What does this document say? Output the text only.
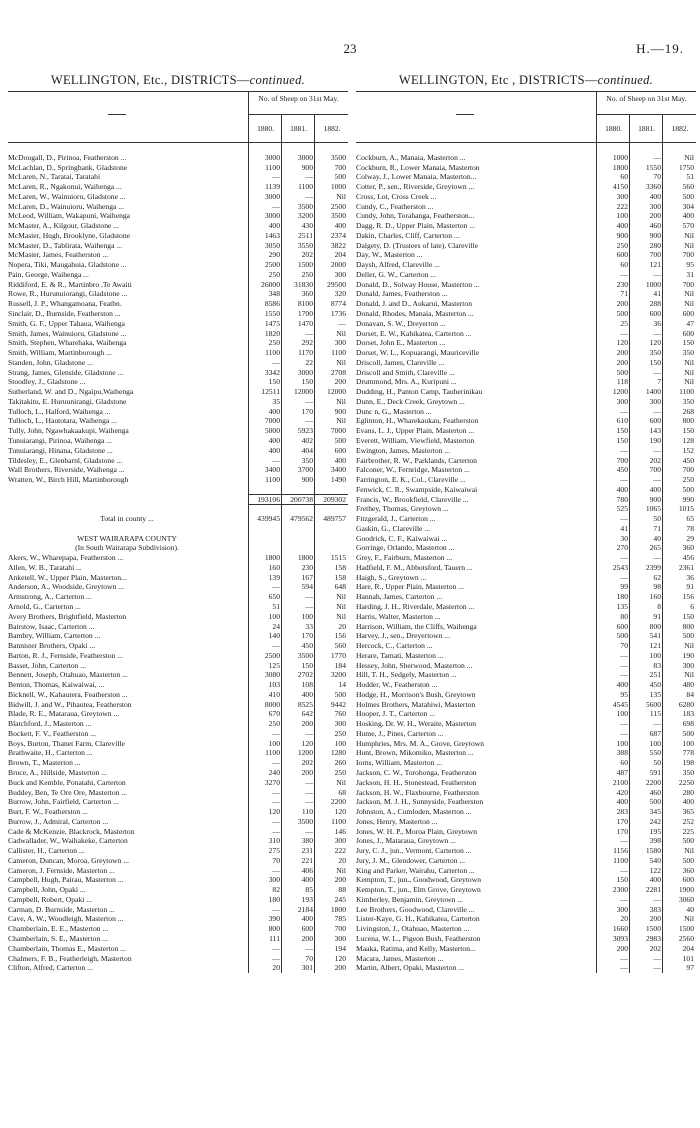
23	H.—19.
WELLINGTON, Etc., DISTRICTS—continued.
No. of Sheep on 31st May.
1880.	1881.	1882.
McDougall, D., Pirinoa, Featherston ...	3000	3000	3500
McLachlan, D., Springbank, Gladstone	1100	900	700
McLaren, N., Taratai, Taratahi	—	—	500
McLaren, R., Ngakonui, Waihenga ...	1139	1100	1000
McLaren, W., Wainuioru, Gladstone ...	3000	—	Nil
McLaren, D., Wainuioru, Waihenga ...	—	3500	2500
McLeod, William, Wakapuni, Waihenga	3000	3200	3500
McMaster, A., Kilgour, Gladstone ...	400	430	400
McMaster, Hugh, Brooklyne, Gladstone	1463	2511	2374
McMaster, D., Tablirata, Waihenga ...	3050	3550	3822
McMaster, James, Featherston ...	290	202	204
Nopera, Tiki, Maugahuia, Gladstone ...	2500	1500	2000
Pain, George, Waihenga ...	250	250	300
Riddiford, E. & R., Martinbro ,Te Awaiti	26000	31830	29500
Rowe, R., Hurunuiorangi, Gladstone ...	348	360	320
Russell, J. P., Whangamoana, Featbn.	8586	8100	8774
Sinclair, D., Burnside, Featherston ...	1550	1700	1736
Smith, G. F., Upper Tahaua, Waihenga	1475	1470	—
Smith, James, Wainuioru, Gladstone ...	1820	—	Nil
Smith, Stephen, Wharehaka, Waihenga	250	292	300
Smith, William, Martinborough ...	1100	1170	1100
Standen, John, Gladstone ...	—	22	Nil
Strang, James, Glenside, Gladstone ...	3342	3000	2708
Stoodley, J., Gladstone ...	150	150	200
Sutherland, W. and D., Ngaipu,Waihenga	12511	12000	12000
Takitakitu, E. Huruunirangi, Gladstone	35	—	Nil
Tulloch, L., Halford, Waihenga ...	400	170	900
Tulloch, L., Hautotara, Waihenga ...	7000	—	Nil
Tully, John, Ngawhakaakupi, Waihenga	5000	5923	7000
Tunuiarangi, Pirinoa, Waihenga ...	400	402	500
Tunuiarangi, Hinana, Gladstone ...	400	404	600
Tildesley, E., Glenbarnl, Gladstone ...	—	350	400
Wall Brothers, Riverside, Waihenga ...	3400	3700	3400
Wratten, W., Birch Hill, Martinborough	1100	900	1490
193106	200738	209302
Total in county ...	439945	479562	489757
WEST WAIRARAPA COUNTY
(In South Wairarapa Subdivision).
Akers, W., Wharepapa, Featherston ...	1800	1800	1515
Allen, W. B., Taratahi ...	160	230	158
Anketell, W., Upper Plain, Masterton...	139	167	158
Anderson, A., Woodside, Greytown ...	—	594	648
Armstrong, A., Carterton ...	650	—	Nil
Arnold, G., Carterton ...	51	—	Nil
Avery Brothers, Brightfield, Masterton	100	100	Nil
Bairstow, Isaac, Carterton ...	24	33	20
Bambry, William, Carterton ...	140	170	156
Bannister Brothers, Opaki ...	—	450	560
Barton, R. J., Fernside, Featherston ...	2500	3500	1770
Basset, John, Carterton ...	125	150	184
Bennett, Joseph, Otahuao, Masterton ...	3080	2702	3200
Benton, Thomas, Kaiwaiwai, ...	103	108	14
Bicknell, W., Kahautera, Featherston ...	410	400	500
Bidwill, J. and W., Pihautea, Featherston	8000	8525	9442
Blade, R. E., Mataraua, Greytown ...	670	642	760
Blatchford, J., Masterton ...	250	200	300
Bockett, F. V., Featherston ...	—	—	250
Boys, Burton, Thanet Farm, Clareville	100	120	100
Brathwaite, H., Carterton ...	1100	1200	1280
Brown, T., Masterton ...	—	202	260
Bruce, A., Hillside, Masterton ...	240	200	250
Buck and Kemble, Ponatahi, Carterton	3270	—	Nil
Buddey, Ben, Te Ore Ore, Masterton ...	—	—	68
Burrow, John, Fairfield, Carterton ...	—	—	2200
Burt, F. W., Featherston ...	120	110	120
Burrow, J., Admiral, Carterton ...	—	3500	1100
Cade & McKenzie, Blackrock, Masterton	—	—	146
Cadwallader, W., Waihakeke, Carterton	310	380	300
Callister, H., Carterton ...	275	231	222
Cameron, Duncan, Moroa, Greytown ...	70	221	20
Cameron, J. Fernside, Masterton ...	—	406	Nil
Campbell, Hugh, Pairau, Masterton ...	300	400	200
Campbell, John, Opaki ...	82	85	88
Campbell, Robert, Opaki ...	180	193	245
Carman, D. Burnside, Masterton ...	—	2184	1800
Cave, A. W., Woodleigh, Masterton ...	390	400	785
Chamberlain, E. E., Masterton ...	800	600	700
Chamberlain, S. E., Masterton ...	111	200	300
Chamberlain, Thomas E., Masterton ...	—	—	194
Chalmers, F. B., Featherleigh, Masterton	—	70	120
Clifton, Alfred, Carterton ...	20	301	200
WELLINGTON, Etc , DISTRICTS—continued.
No. of Sheep on 31st May.
1880.	1881.	1882.
Cockburn, A., Manaia, Masterton ...	1000	—	Nil
Cockburn, R., Lower Manaia, Masterton	1800	1550	1750
Colway, J., Lower Manaia, Masterton...	60	70	51
Cotter, P., sen., Riverside, Greytown ...	4150	3360	560
Cross, Lot, Cross Creek ...	300	400	500
Cundy, C., Featherston ...	222	300	304
Cundy, John, Torahanga, Featherston...	100	200	400
Dagg, R. D., Upper Plain, Masterton ...	400	460	570
Dakin, Charles, Cliff, Carterton ...	900	900	Nil
Dalgety, D. (Trustees of late), Clareville	250	280	Nil
Day, W., Masterton ...	600	700	700
Daysh, Alfred, Clareville ...	60	121	95
Deller, G. W., Carterton ...	—	—	31
Donald, D., Solway House, Masterton ...	230	1000	700
Donald, James, Featherston ...	71	41	Nil
Donald, J. and D., Aukarui, Masterton	200	288	Nil
Donald, Rhodes, Manaia, Masterton ...	500	600	600
Donavan, S. W., Dreyerton ...	25	36	47
Dorset, E. W., Kahikatea, Carterton ...	—	—	600
Dorset, John E., Masterton ...	120	120	150
Dorset, W. L., Kopuarangi, Mauriceville	200	350	350
Driscoll, James, Clareville ...	200	150	Nil
Driscoll and Smith, Clareville ...	500	—	Nil
Drummond, Mrs. A., Kuripuni ...	118	7	Nil
Dudding, H., Panton Camp, Tauherinikau	1200	1400	1100
Dunn, E., Deck Creek, Greytown ...	300	300	350
Dunc n, G., Masterton ...	—	—	268
Eglinton, H., Wharekaukau, Featherston	610	600	800
Evans, L. J., Upper Plain, Masterton ...	150	143	150
Everett, William, Viewfield, Masterton	150	190	128
Ewington, James, Masterton ...	—	—	152
Fairbrother, R. W., Parklands, Carterton	700	202	450
Falconer, W., Fernridge, Masterton ...	450	700	700
Farrington, E. K., Col., Clareville ...	—	—	250
Fenwick, C. R., Swampside, Kaiwaiwai	400	400	500
Francis, W., Brookfield, Clareville ...	780	900	990
Frethey, Thomas, Greytown ...	525	1065	1015
Fitzgerald, J., Carterton ...	—	50	65
Gaskin, G., Clareville ...	41	71	78
Goodrick, C. F., Kaiwaiwai ...	30	40	29
Gorringe, Orlando, Masterton ...	270	265	360
Grey, F., Fairburn, Masterton ...	—	—	456
Hadfield, F. M., Abbotsford, Tauern ...	2543	2399	2361
Haigh, S., Greytown ...	—	62	36
Hare, R., Upper Plain, Masterton ...	99	98	91
Hannah, James, Carterton ...	180	160	156
Harding, J. H., Riverdale, Masterton ...	135	8	6
Harris, Walter, Masterton ...	80	91	150
Harrison, William, the Cliffs, Waihenga	600	800	800
Harvey, J., sen., Dreyertown ...	500	541	500
Hercock, C., Carterton ...	70	121	Nil
Herare, Tamati, Masterton ...	—	100	190
Hessey, John, Sherwood, Masterton ...	—	83	300
Hill, T. H., Sedgely, Masterton ...	—	251	Nil
Hodder, W., Featherston ...	400	450	480
Hodge, H., Morrison's Bush, Greytown	95	135	84
Holmes Brothers, Matahiwi, Masterton	4545	5600	6280
Hooper, J. T., Carterton ...	100	115	183
Hosking, Dr. W. H., Weraite, Masterton	—	—	698
Hume, J., Pines, Carterton ...	—	687	500
Humphries, Mrs. M. A., Grove, Greytown	100	100	100
Hunt, Brown, Mikomiko, Masterton ...	388	550	778
Iorns, William, Masterton ...	60	50	198
Jackson, C. W., Torohonga, Featherston	487	591	350
Jackson, H. H., Stonestead, Featherston	2100	2200	2250
Jackson, H. W., Flaxbourne, Featherston	420	460	280
Jackson, M. J. H., Sunnyside, Featherston	400	500	400
Johnston, A., Cumloden, Masterton ...	283	345	365
Jones, Henry, Masterton ...	170	242	252
Jones, W. H. P., Moroa Plain, Greytown	170	195	225
Jones, J., Mataraua, Greytown ...	—	398	500
Jury, C. J., jun., Vermont, Carterton ...	1156	1580	Nil
Jury, J. M., Glendower, Carterton ...	1100	540	500
King and Parker, Wairahu, Carterton ...	—	122	360
Kempton, T., jun., Goodwood, Greytown	150	400	600
Kempton, T., jun., Elm Grove, Greytown	2300	2281	1900
Kimberley, Benjamin, Greytown ...	—	—	3060
Lee Brothers, Goodwood, Clareville ...	300	383	40
Lister-Kaye, G. H., Kahikatea, Carterton	20	200	Nil
Livingston, J., Otahuao, Masterton ...	1660	1500	1500
Lucena, W. L., Pigeon Bush, Featherston	3093	2983	2560
Maaka, Ratima, and Kelly, Masterton...	200	202	204
Macara, James, Masterton ...	—	—	101
Martin, Albert, Opaki, Masterton ...	—	—	97
